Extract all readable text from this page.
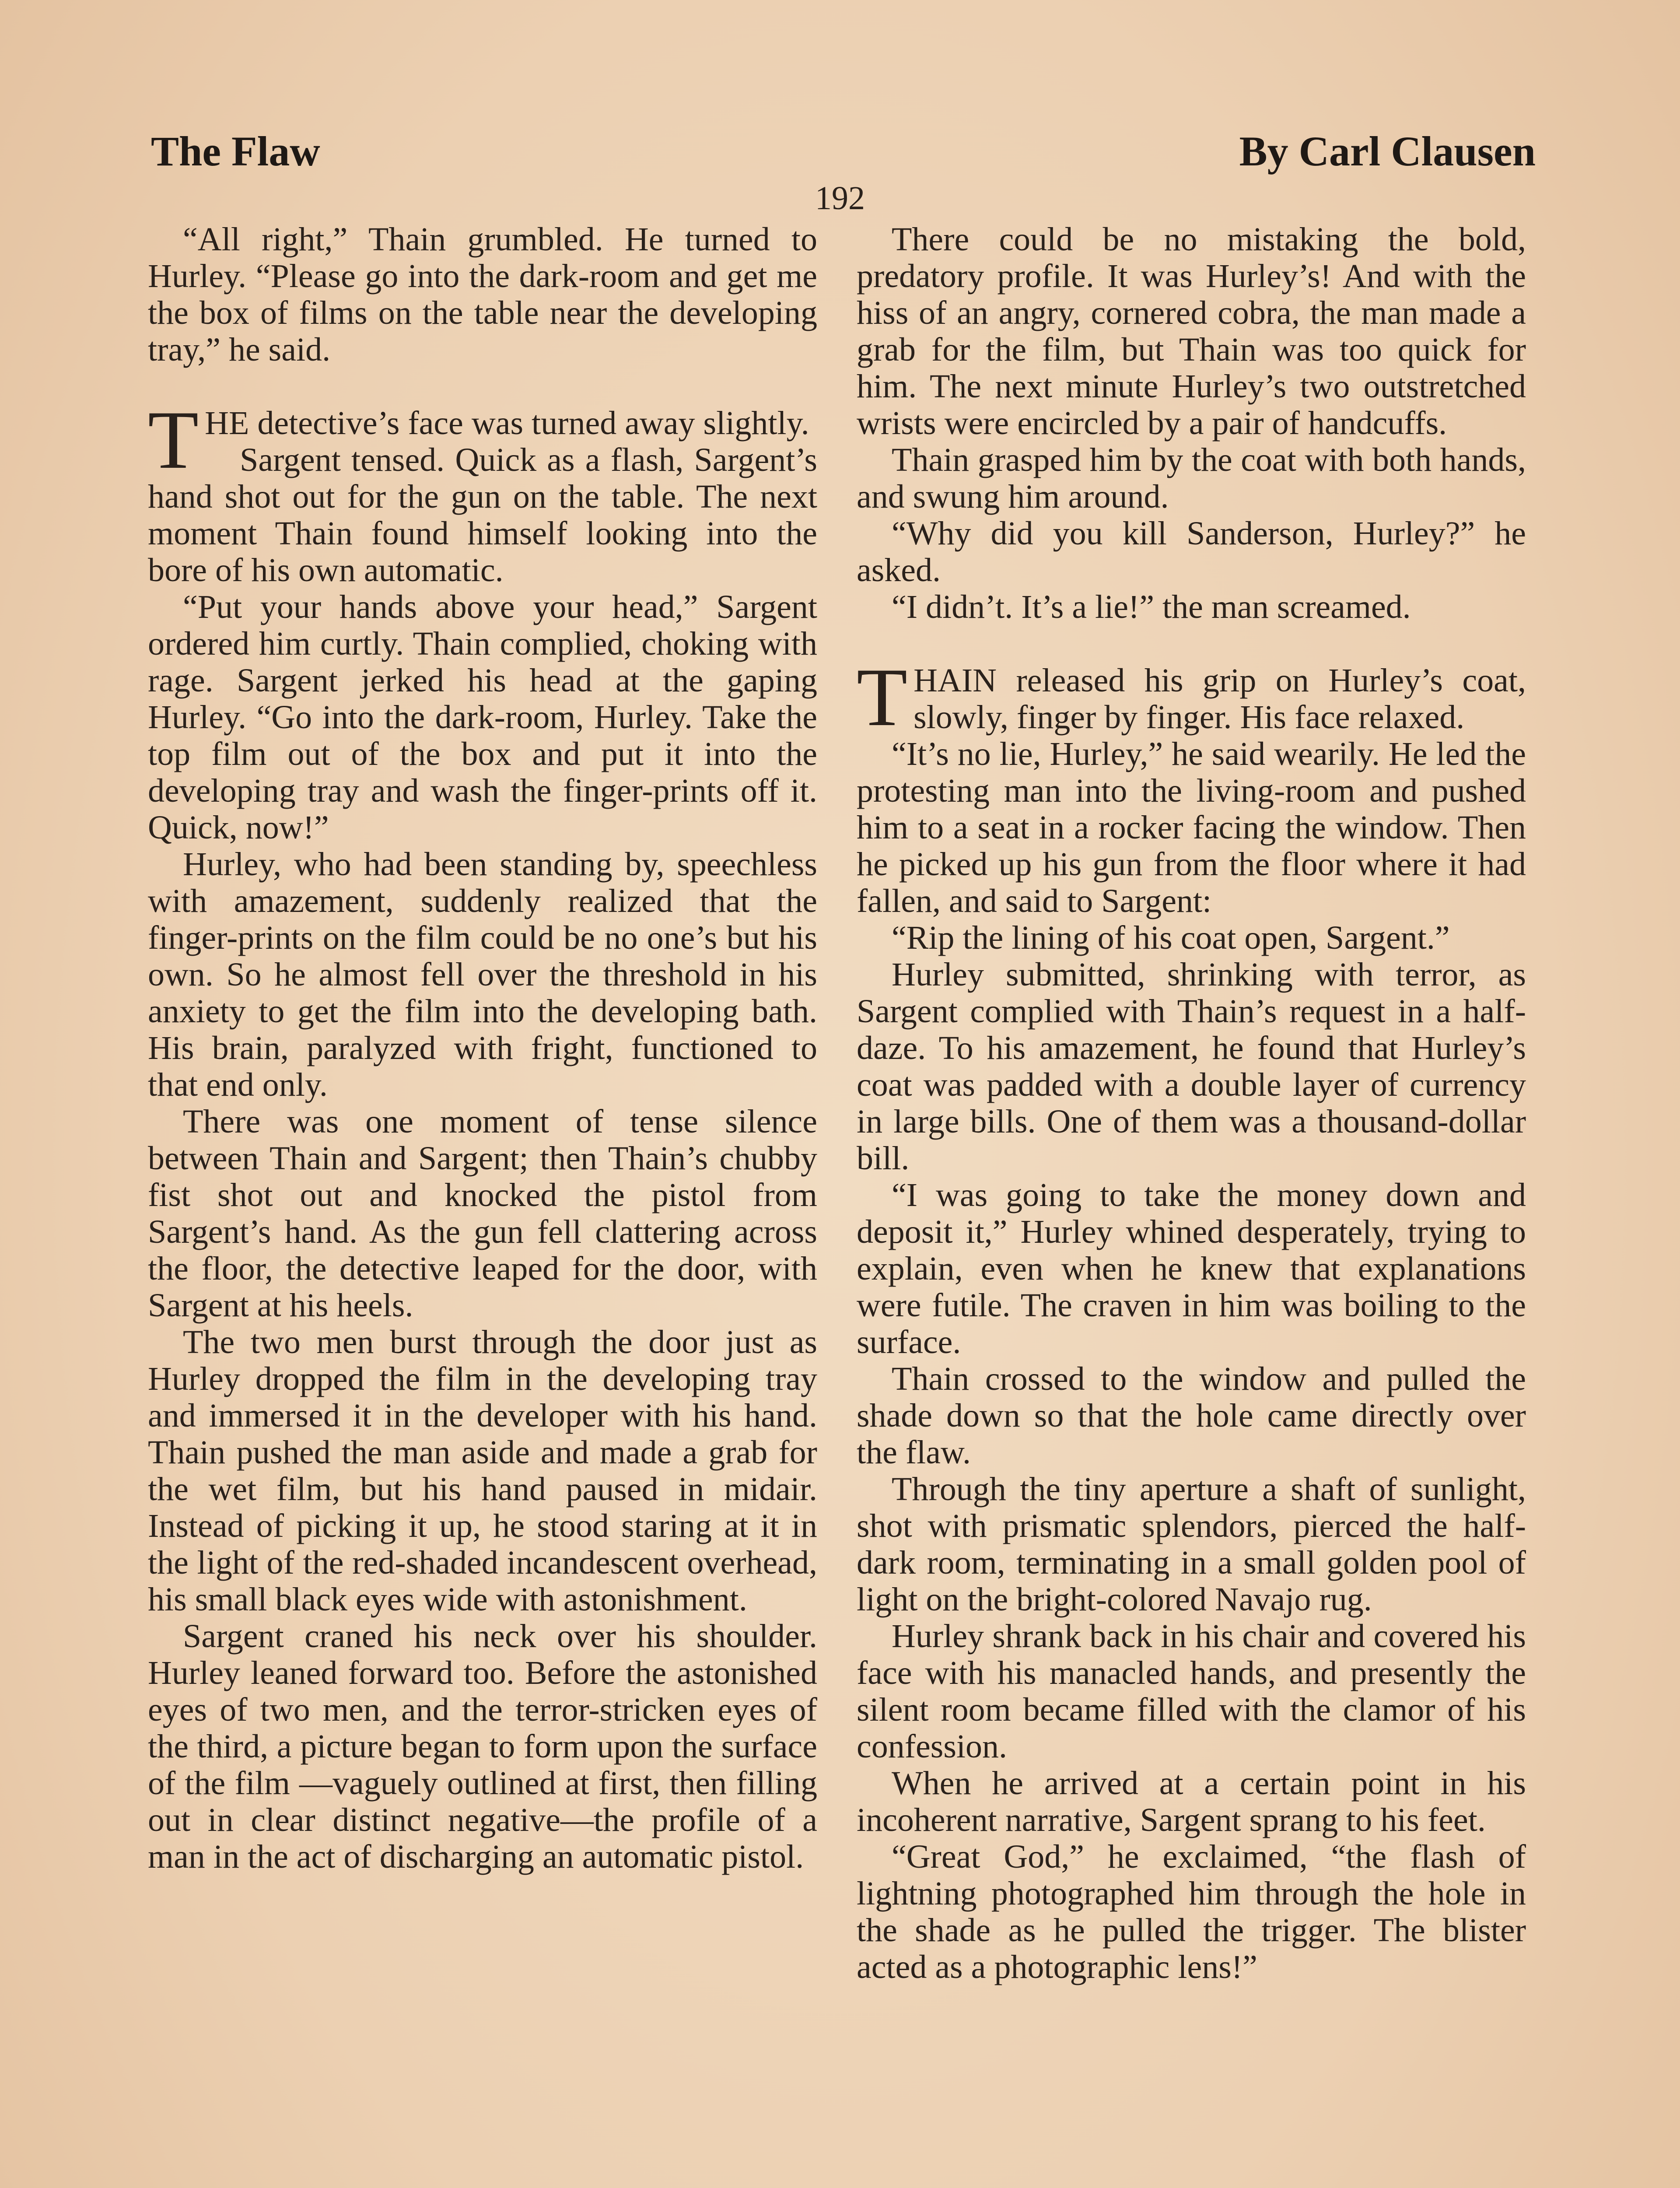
The Flaw	By Carl Clausen
192

“All right,” Thain grumbled. He turned to Hurley. “Please go into the dark-room and get me the box of films on the table near the developing tray,” he said.

THE detective’s face was turned away slightly.

Sargent tensed. Quick as a flash, Sargent’s hand shot out for the gun on the table. The next moment Thain found himself looking into the bore of his own automatic.

“Put your hands above your head,” Sargent ordered him curtly. Thain complied, choking with rage. Sargent jerked his head at the gaping Hurley. “Go into the dark-room, Hurley. Take the top film out of the box and put it into the developing tray and wash the finger-prints off it. Quick, now!”

Hurley, who had been standing by, speechless with amazement, suddenly realized that the finger-prints on the film could be no one’s but his own. So he almost fell over the threshold in his anxiety to get the film into the developing bath. His brain, paralyzed with fright, functioned to that end only.

There was one moment of tense silence between Thain and Sargent; then Thain’s chubby fist shot out and knocked the pistol from Sargent’s hand. As the gun fell clattering across the floor, the detective leaped for the door, with Sargent at his heels.

The two men burst through the door just as Hurley dropped the film in the developing tray and immersed it in the developer with his hand. Thain pushed the man aside and made a grab for the wet film, but his hand paused in midair. Instead of picking it up, he stood staring at it in the light of the red-shaded incandescent overhead, his small black eyes wide with astonishment.

Sargent craned his neck over his shoulder. Hurley leaned forward too. Before the astonished eyes of two men, and the terror-stricken eyes of the third, a picture began to form upon the surface of the film —vaguely outlined at first, then filling out in clear distinct negative—the profile of a man in the act of discharging an automatic pistol.

There could be no mistaking the bold, predatory profile. It was Hurley’s! And with the hiss of an angry, cornered cobra, the man made a grab for the film, but Thain was too quick for him. The next minute Hurley’s two outstretched wrists were encircled by a pair of handcuffs.

Thain grasped him by the coat with both hands, and swung him around.

“Why did you kill Sanderson, Hurley?” he asked.

“I didn’t. It’s a lie!” the man screamed.

THAIN released his grip on Hurley’s coat, slowly, finger by finger. His face relaxed.

“It’s no lie, Hurley,” he said wearily. He led the protesting man into the living-room and pushed him to a seat in a rocker facing the window. Then he picked up his gun from the floor where it had fallen, and said to Sargent:

“Rip the lining of his coat open, Sargent.”

Hurley submitted, shrinking with terror, as Sargent complied with Thain’s request in a half-daze. To his amazement, he found that Hurley’s coat was padded with a double layer of currency in large bills. One of them was a thousand-dollar bill.

“I was going to take the money down and deposit it,” Hurley whined desperately, trying to explain, even when he knew that explanations were futile. The craven in him was boiling to the surface.

Thain crossed to the window and pulled the shade down so that the hole came directly over the flaw.

Through the tiny aperture a shaft of sunlight, shot with prismatic splendors, pierced the half-dark room, terminating in a small golden pool of light on the bright-colored Navajo rug.

Hurley shrank back in his chair and covered his face with his manacled hands, and presently the silent room became filled with the clamor of his confession.

When he arrived at a certain point in his incoherent narrative, Sargent sprang to his feet.

“Great God,” he exclaimed, “the flash of lightning photographed him through the hole in the shade as he pulled the trigger. The blister acted as a photographic lens!”
